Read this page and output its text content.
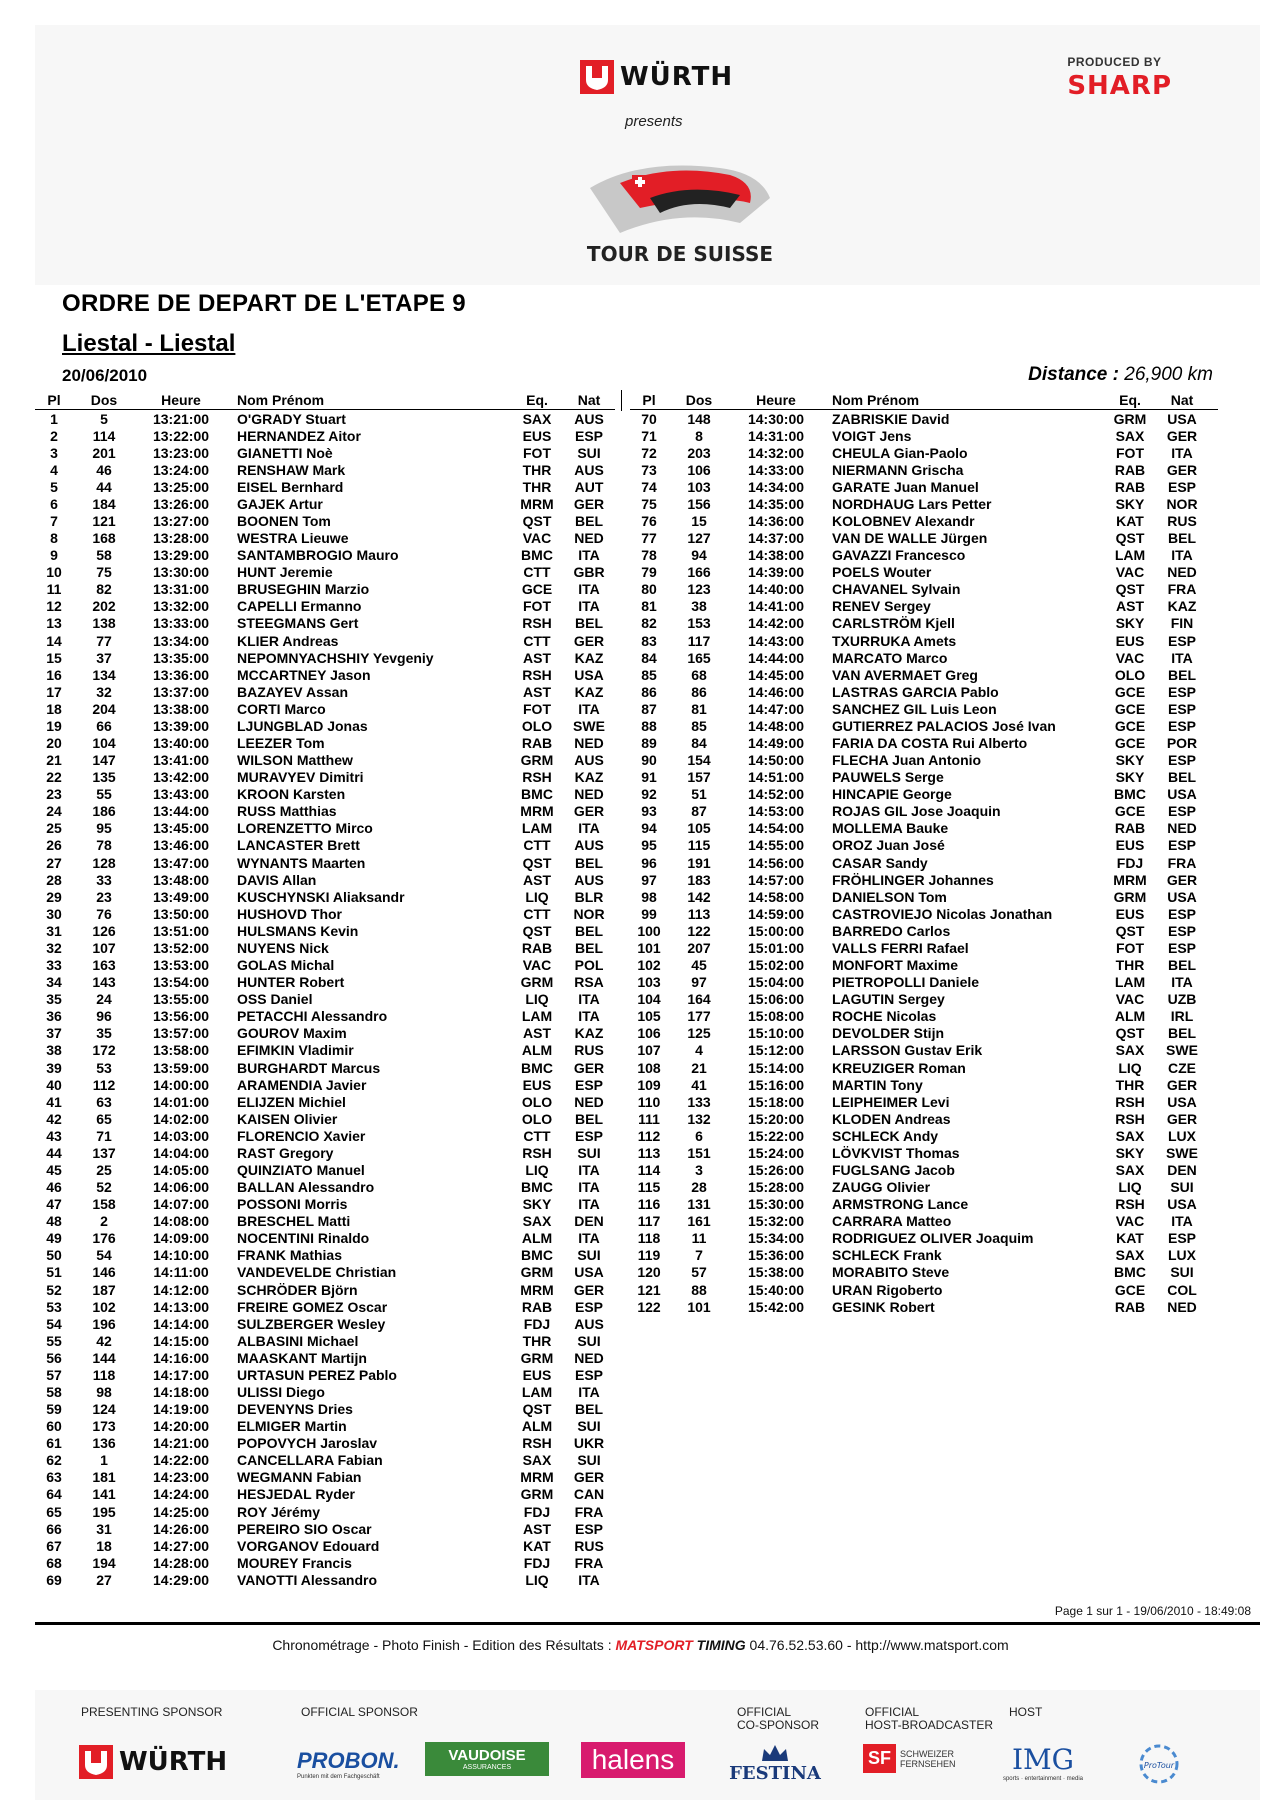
WÜRTH
presents
PRODUCED BY
SHARP
TOUR DE SUISSE
ORDRE DE DEPART DE L'ETAPE 9
Liestal - Liestal
20/06/2010	Distance : 26,900 km
Pl	Dos	Heure	Nom Prénom	Eq.	Nat
1	5	13:21:00	O'GRADY Stuart	SAX	AUS
2	114	13:22:00	HERNANDEZ Aitor	EUS	ESP
3	201	13:23:00	GIANETTI Noè	FOT	SUI
4	46	13:24:00	RENSHAW Mark	THR	AUS
5	44	13:25:00	EISEL Bernhard	THR	AUT
6	184	13:26:00	GAJEK Artur	MRM	GER
7	121	13:27:00	BOONEN Tom	QST	BEL
8	168	13:28:00	WESTRA Lieuwe	VAC	NED
9	58	13:29:00	SANTAMBROGIO Mauro	BMC	ITA
10	75	13:30:00	HUNT Jeremie	CTT	GBR
11	82	13:31:00	BRUSEGHIN Marzio	GCE	ITA
12	202	13:32:00	CAPELLI Ermanno	FOT	ITA
13	138	13:33:00	STEEGMANS Gert	RSH	BEL
14	77	13:34:00	KLIER Andreas	CTT	GER
15	37	13:35:00	NEPOMNYACHSHIY Yevgeniy	AST	KAZ
16	134	13:36:00	MCCARTNEY Jason	RSH	USA
17	32	13:37:00	BAZAYEV Assan	AST	KAZ
18	204	13:38:00	CORTI Marco	FOT	ITA
19	66	13:39:00	LJUNGBLAD Jonas	OLO	SWE
20	104	13:40:00	LEEZER Tom	RAB	NED
21	147	13:41:00	WILSON Matthew	GRM	AUS
22	135	13:42:00	MURAVYEV Dimitri	RSH	KAZ
23	55	13:43:00	KROON Karsten	BMC	NED
24	186	13:44:00	RUSS Matthias	MRM	GER
25	95	13:45:00	LORENZETTO Mirco	LAM	ITA
26	78	13:46:00	LANCASTER Brett	CTT	AUS
27	128	13:47:00	WYNANTS Maarten	QST	BEL
28	33	13:48:00	DAVIS Allan	AST	AUS
29	23	13:49:00	KUSCHYNSKI Aliaksandr	LIQ	BLR
30	76	13:50:00	HUSHOVD Thor	CTT	NOR
31	126	13:51:00	HULSMANS Kevin	QST	BEL
32	107	13:52:00	NUYENS Nick	RAB	BEL
33	163	13:53:00	GOLAS Michal	VAC	POL
34	143	13:54:00	HUNTER Robert	GRM	RSA
35	24	13:55:00	OSS Daniel	LIQ	ITA
36	96	13:56:00	PETACCHI Alessandro	LAM	ITA
37	35	13:57:00	GOUROV Maxim	AST	KAZ
38	172	13:58:00	EFIMKIN Vladimir	ALM	RUS
39	53	13:59:00	BURGHARDT Marcus	BMC	GER
40	112	14:00:00	ARAMENDIA Javier	EUS	ESP
41	63	14:01:00	ELIJZEN Michiel	OLO	NED
42	65	14:02:00	KAISEN Olivier	OLO	BEL
43	71	14:03:00	FLORENCIO Xavier	CTT	ESP
44	137	14:04:00	RAST Gregory	RSH	SUI
45	25	14:05:00	QUINZIATO Manuel	LIQ	ITA
46	52	14:06:00	BALLAN Alessandro	BMC	ITA
47	158	14:07:00	POSSONI Morris	SKY	ITA
48	2	14:08:00	BRESCHEL Matti	SAX	DEN
49	176	14:09:00	NOCENTINI Rinaldo	ALM	ITA
50	54	14:10:00	FRANK Mathias	BMC	SUI
51	146	14:11:00	VANDEVELDE Christian	GRM	USA
52	187	14:12:00	SCHRÖDER Björn	MRM	GER
53	102	14:13:00	FREIRE GOMEZ Oscar	RAB	ESP
54	196	14:14:00	SULZBERGER Wesley	FDJ	AUS
55	42	14:15:00	ALBASINI Michael	THR	SUI
56	144	14:16:00	MAASKANT Martijn	GRM	NED
57	118	14:17:00	URTASUN PEREZ Pablo	EUS	ESP
58	98	14:18:00	ULISSI Diego	LAM	ITA
59	124	14:19:00	DEVENYNS Dries	QST	BEL
60	173	14:20:00	ELMIGER Martin	ALM	SUI
61	136	14:21:00	POPOVYCH Jaroslav	RSH	UKR
62	1	14:22:00	CANCELLARA Fabian	SAX	SUI
63	181	14:23:00	WEGMANN Fabian	MRM	GER
64	141	14:24:00	HESJEDAL Ryder	GRM	CAN
65	195	14:25:00	ROY Jérémy	FDJ	FRA
66	31	14:26:00	PEREIRO SIO Oscar	AST	ESP
67	18	14:27:00	VORGANOV Edouard	KAT	RUS
68	194	14:28:00	MOUREY Francis	FDJ	FRA
69	27	14:29:00	VANOTTI Alessandro	LIQ	ITA
Pl	Dos	Heure	Nom Prénom	Eq.	Nat
70	148	14:30:00	ZABRISKIE David	GRM	USA
71	8	14:31:00	VOIGT Jens	SAX	GER
72	203	14:32:00	CHEULA Gian-Paolo	FOT	ITA
73	106	14:33:00	NIERMANN Grischa	RAB	GER
74	103	14:34:00	GARATE Juan Manuel	RAB	ESP
75	156	14:35:00	NORDHAUG Lars Petter	SKY	NOR
76	15	14:36:00	KOLOBNEV Alexandr	KAT	RUS
77	127	14:37:00	VAN DE WALLE Jürgen	QST	BEL
78	94	14:38:00	GAVAZZI Francesco	LAM	ITA
79	166	14:39:00	POELS Wouter	VAC	NED
80	123	14:40:00	CHAVANEL Sylvain	QST	FRA
81	38	14:41:00	RENEV Sergey	AST	KAZ
82	153	14:42:00	CARLSTRÖM Kjell	SKY	FIN
83	117	14:43:00	TXURRUKA Amets	EUS	ESP
84	165	14:44:00	MARCATO Marco	VAC	ITA
85	68	14:45:00	VAN AVERMAET Greg	OLO	BEL
86	86	14:46:00	LASTRAS GARCIA Pablo	GCE	ESP
87	81	14:47:00	SANCHEZ GIL Luis Leon	GCE	ESP
88	85	14:48:00	GUTIERREZ PALACIOS José Ivan	GCE	ESP
89	84	14:49:00	FARIA DA COSTA Rui Alberto	GCE	POR
90	154	14:50:00	FLECHA Juan Antonio	SKY	ESP
91	157	14:51:00	PAUWELS Serge	SKY	BEL
92	51	14:52:00	HINCAPIE George	BMC	USA
93	87	14:53:00	ROJAS GIL Jose Joaquin	GCE	ESP
94	105	14:54:00	MOLLEMA Bauke	RAB	NED
95	115	14:55:00	OROZ Juan José	EUS	ESP
96	191	14:56:00	CASAR Sandy	FDJ	FRA
97	183	14:57:00	FRÖHLINGER Johannes	MRM	GER
98	142	14:58:00	DANIELSON Tom	GRM	USA
99	113	14:59:00	CASTROVIEJO Nicolas Jonathan	EUS	ESP
100	122	15:00:00	BARREDO Carlos	QST	ESP
101	207	15:01:00	VALLS FERRI Rafael	FOT	ESP
102	45	15:02:00	MONFORT Maxime	THR	BEL
103	97	15:04:00	PIETROPOLLI Daniele	LAM	ITA
104	164	15:06:00	LAGUTIN Sergey	VAC	UZB
105	177	15:08:00	ROCHE Nicolas	ALM	IRL
106	125	15:10:00	DEVOLDER Stijn	QST	BEL
107	4	15:12:00	LARSSON Gustav Erik	SAX	SWE
108	21	15:14:00	KREUZIGER Roman	LIQ	CZE
109	41	15:16:00	MARTIN Tony	THR	GER
110	133	15:18:00	LEIPHEIMER Levi	RSH	USA
111	132	15:20:00	KLODEN Andreas	RSH	GER
112	6	15:22:00	SCHLECK Andy	SAX	LUX
113	151	15:24:00	LÖVKVIST Thomas	SKY	SWE
114	3	15:26:00	FUGLSANG Jacob	SAX	DEN
115	28	15:28:00	ZAUGG Olivier	LIQ	SUI
116	131	15:30:00	ARMSTRONG Lance	RSH	USA
117	161	15:32:00	CARRARA Matteo	VAC	ITA
118	11	15:34:00	RODRIGUEZ OLIVER Joaquim	KAT	ESP
119	7	15:36:00	SCHLECK Frank	SAX	LUX
120	57	15:38:00	MORABITO Steve	BMC	SUI
121	88	15:40:00	URAN Rigoberto	GCE	COL
122	101	15:42:00	GESINK Robert	RAB	NED
Page 1 sur 1 - 19/06/2010 - 18:49:08
Chronométrage - Photo Finish - Edition des Résultats : MATSPORT TIMING 04.76.52.53.60 - http://www.matsport.com
PRESENTING SPONSOR	OFFICIAL SPONSOR	OFFICIAL
CO-SPONSOR
OFFICIAL
HOST-BROADCASTER
HOST
WÜRTH	PROBON.
Punkten mit dem Fachgeschäft
VAUDOISE
ASSURANCES	halens	FESTINA
SF	SCHWEIZER
FERNSEHEN IMG
sports · entertainment · media
ProTour
